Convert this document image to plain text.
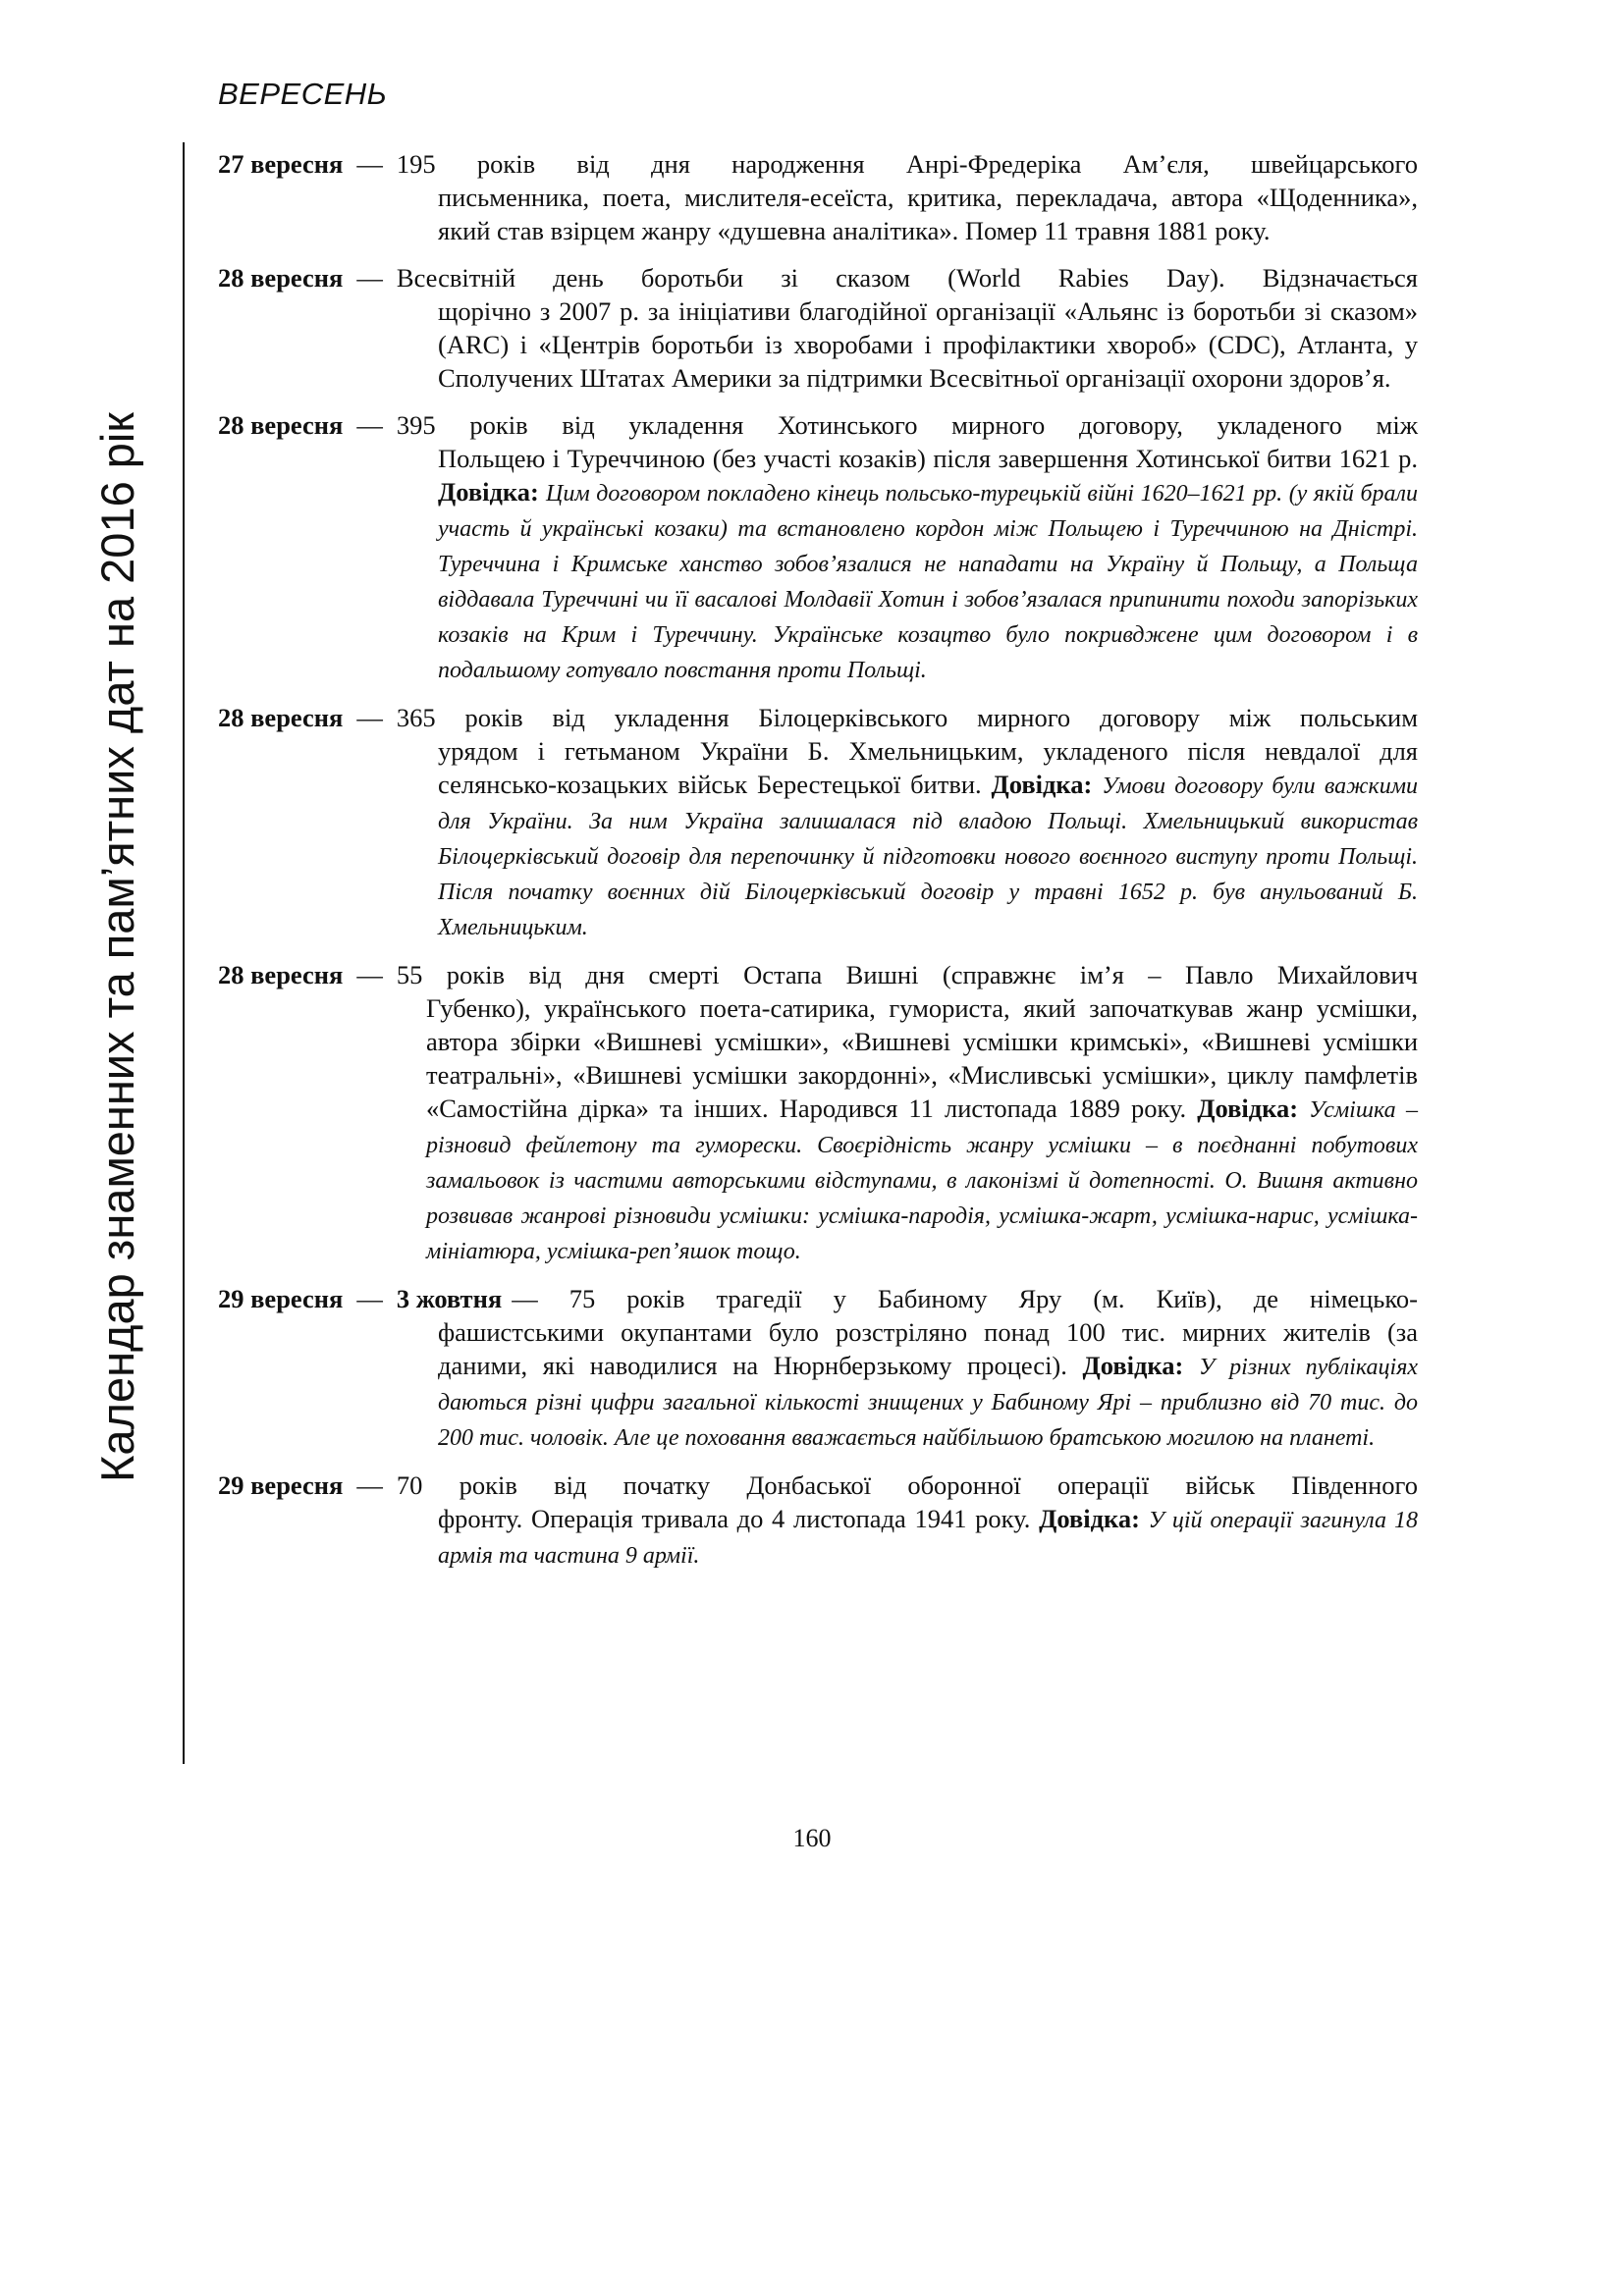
ВЕРЕСЕНЬ
Календар знаменних та пам’ятних дат на 2016 рік
27 вересня — 195 років від дня народження Анрі-Фредеріка Ам’єля, швейцарського
письменника, поета, мислителя-есеїста, критика, перекладача, автора «Щоденника», який став взірцем жанру «душевна аналітика». Помер 11 травня 1881 року.
28 вересня — Всесвітній день боротьби зі сказом (World Rabies Day). Відзначається
щорічно з 2007 р. за ініціативи благодійної організації «Альянс із боротьби зі сказом» (ARC) і «Центрів боротьби із хворобами і профілактики хвороб» (CDC), Атланта, у Сполучених Штатах Америки за підтримки Всесвітньої організації охорони здоров’я.
28 вересня — 395 років від укладення Хотинського мирного договору, укладеного між
Польщею і Туреччиною (без участі козаків) після завершення Хотинської битви 1621 р. Довідка: Цим договором покладено кінець польсько-турецькій війні 1620–1621 рр. (у якій брали участь й українські козаки) та встановлено кордон між Польщею і Туреччиною на Дністрі. Туреччина і Кримське ханство зобов’язалися не нападати на Україну й Польщу, а Польща віддавала Туреччині чи її васалові Молдавії Хотин і зобов’язалася припинити походи запорізьких козаків на Крим і Туреччину. Українське козацтво було покривджене цим договором і в подальшому готувало повстання проти Польщі.
28 вересня — 365 років від укладення Білоцерківського мирного договору між польським
урядом і гетьманом України Б. Хмельницьким, укладеного після невдалої для селянсько-козацьких військ Берестецької битви. Довідка: Умови договору були важкими для України. За ним Україна залишалася під владою Польщі. Хмельницький використав Білоцерківський договір для перепочинку й підготовки нового воєнного виступу проти Польщі. Після початку воєнних дій Білоцерківський договір у травні 1652 р. був анульований Б. Хмельницьким.
28 вересня — 55 років від дня смерті Остапа Вишні (справжнє ім’я – Павло Михайлович
Губенко), українського поета-сатирика, гумориста, який започаткував жанр усмішки, автора збірки «Вишневі усмішки», «Вишневі усмішки кримські», «Вишневі усмішки театральні», «Вишневі усмішки закордонні», «Мисливські усмішки», циклу памфлетів «Самостійна дірка» та інших. Народився 11 листопада 1889 року. Довідка: Усмішка – різновид фейлетону та гуморески. Своєрідність жанру усмішки – в поєднанні побутових замальовок із частими авторськими відступами, в лаконізмі й дотепності. О. Вишня активно розвивав жанрові різновиди усмішки: усмішка-пародія, усмішка-жарт, усмішка-нарис, усмішка-мініатюра, усмішка-реп’яшок тощо.
29 вересня — 3 жовтня — 75 років трагедії у Бабиному Яру (м. Київ), де німецько-
фашистськими окупантами було розстріляно понад 100 тис. мирних жителів (за даними, які наводилися на Нюрнберзькому процесі). Довідка: У різних публікаціях даються різні цифри загальної кількості знищених у Бабиному Ярі – приблизно від 70 тис. до 200 тис. чоловік. Але це поховання вважається найбільшою братською могилою на планеті.
29 вересня — 70 років від початку Донбаської оборонної операції військ Південного
фронту. Операція тривала до 4 листопада 1941 року. Довідка: У цій операції загинула 18 армія та частина 9 армії.
160
